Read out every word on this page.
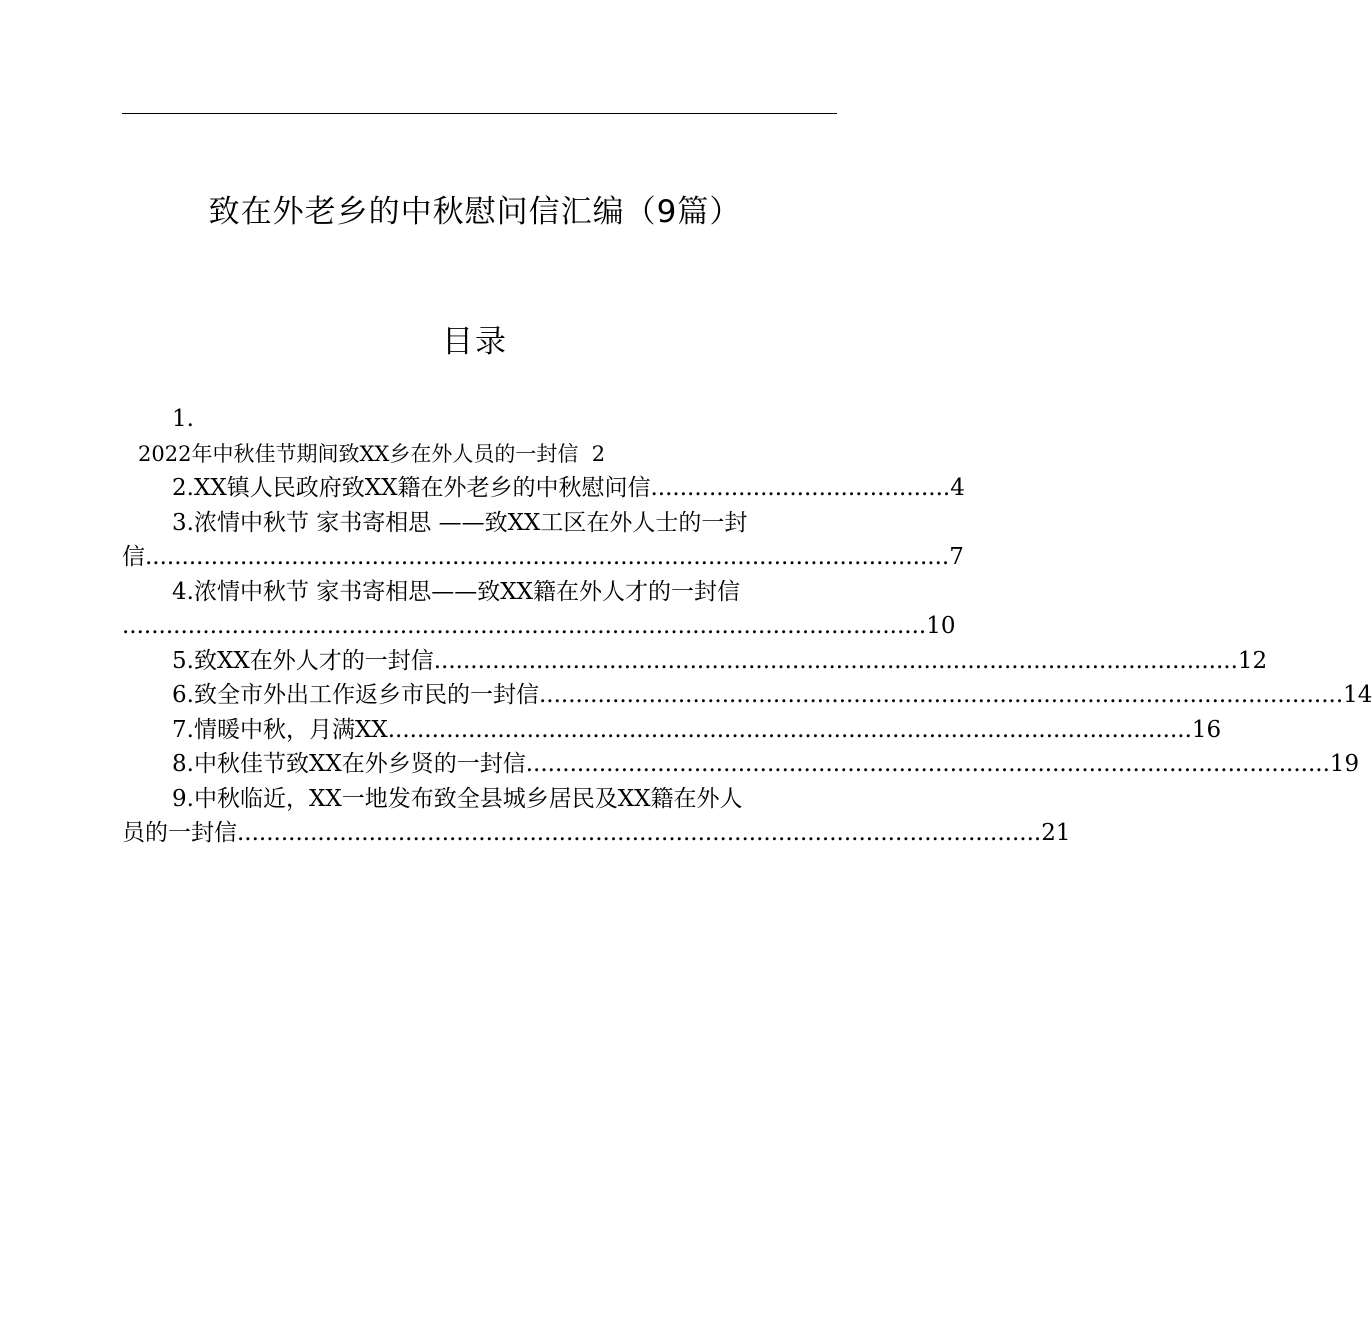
致在外老乡的中秋慰问信汇编（9篇）
目录
1.
2022年中秋佳节期间致XX乡在外人员的一封信 2
2.XX镇人民政府致XX籍在外老乡的中秋慰问信 ......................................... 4
3.浓情中秋节 家书寄相思 ——致XX工区在外人士的一封
信 .............................................................................................................. 7
4.浓情中秋节 家书寄相思——致XX籍在外人才的一封信
.............................................................................................................. 10
5.致XX在外人才的一封信 .............................................................................................................. 12
6.致全市外出工作返乡市民的一封信 .............................................................................................................. 14
7.情暖中秋，月满XX .............................................................................................................. 16
8.中秋佳节致XX在外乡贤的一封信 .............................................................................................................. 19
9.中秋临近，XX一地发布致全县城乡居民及XX籍在外人
员的一封信 .............................................................................................................. 21
